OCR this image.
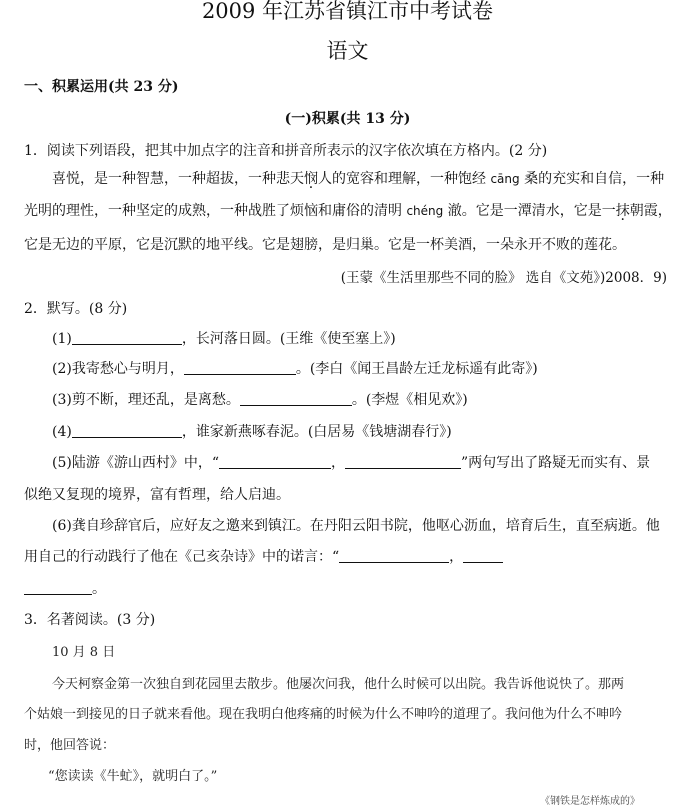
2009 年江苏省镇江市中考试卷
语文
一、积累运用(共 23 分)
(一)积累(共 13 分)
1．阅读下列语段，把其中加点字的注音和拼音所表示的汉字依次填在方格内。(2 分)
喜悦，是一种智慧，一种超拔，一种悲天悯人的宽容和理解，一种饱经 cāng 桑的充实和自信，一种
光明的理性，一种坚定的成熟，一种战胜了烦恼和庸俗的清明 chéng 澈。它是一潭清水，它是一抹朝霞，
它是无边的平原，它是沉默的地平线。它是翅膀，是归巢。它是一杯美酒，一朵永开不败的莲花。
(王蒙《生活里那些不同的脸》 选自《文苑》)2008．9)
2．默写。(8 分)
(1)	，长河落日圆。(王维《使至塞上》)
(2)我寄愁心与明月，	。(李白《闻王昌龄左迁龙标遥有此寄》)
(3)剪不断，理还乱，是离愁。	。(李煜《相见欢》)
(4)	，谁家新燕啄春泥。(白居易《钱塘湖春行》)
(5)陆游《游山西村》中，“	，	”两句写出了路疑无而实有、景
似绝又复现的境界，富有哲理，给人启迪。
(6)龚自珍辞官后，应好友之邀来到镇江。在丹阳云阳书院，他呕心沥血，培育后生，直至病逝。他
用自己的行动践行了他在《己亥杂诗》中的诺言：“	，
。
3．名著阅读。(3 分)
10 月 8 日
今天柯察金第一次独自到花园里去散步。他屡次问我，他什么时候可以出院。我告诉他说快了。那两
个姑娘一到接见的日子就来看他。现在我明白他疼痛的时候为什么不呻吟的道理了。我问他为什么不呻吟
时，他回答说：
“您读读《牛虻》，就明白了。”
《钢铁是怎样炼成的》
